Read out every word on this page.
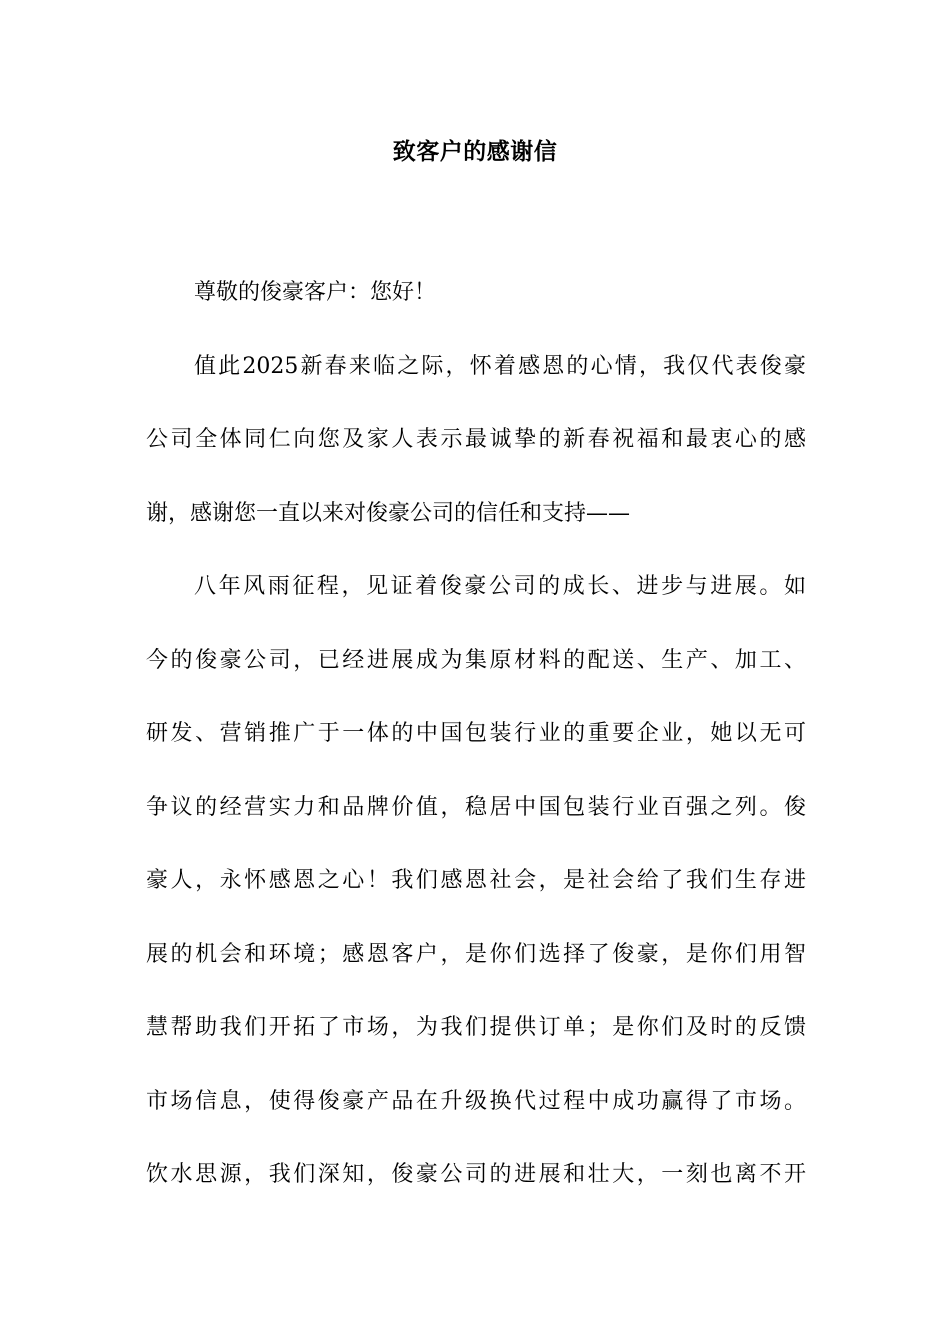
致客户的感谢信
尊敬的俊豪客户：您好！
值此2025新春来临之际，怀着感恩的心情，我仅代表俊豪
公司全体同仁向您及家人表示最诚挚的新春祝福和最衷心的感
谢，感谢您一直以来对俊豪公司的信任和支持——
八年风雨征程，见证着俊豪公司的成长、进步与进展。如
今的俊豪公司，已经进展成为集原材料的配送、生产、加工、
研发、营销推广于一体的中国包装行业的重要企业，她以无可
争议的经营实力和品牌价值，稳居中国包装行业百强之列。俊
豪人，永怀感恩之心！我们感恩社会，是社会给了我们生存进
展的机会和环境；感恩客户，是你们选择了俊豪，是你们用智
慧帮助我们开拓了市场，为我们提供订单；是你们及时的反馈
市场信息，使得俊豪产品在升级换代过程中成功赢得了市场。
饮水思源，我们深知，俊豪公司的进展和壮大，一刻也离不开
